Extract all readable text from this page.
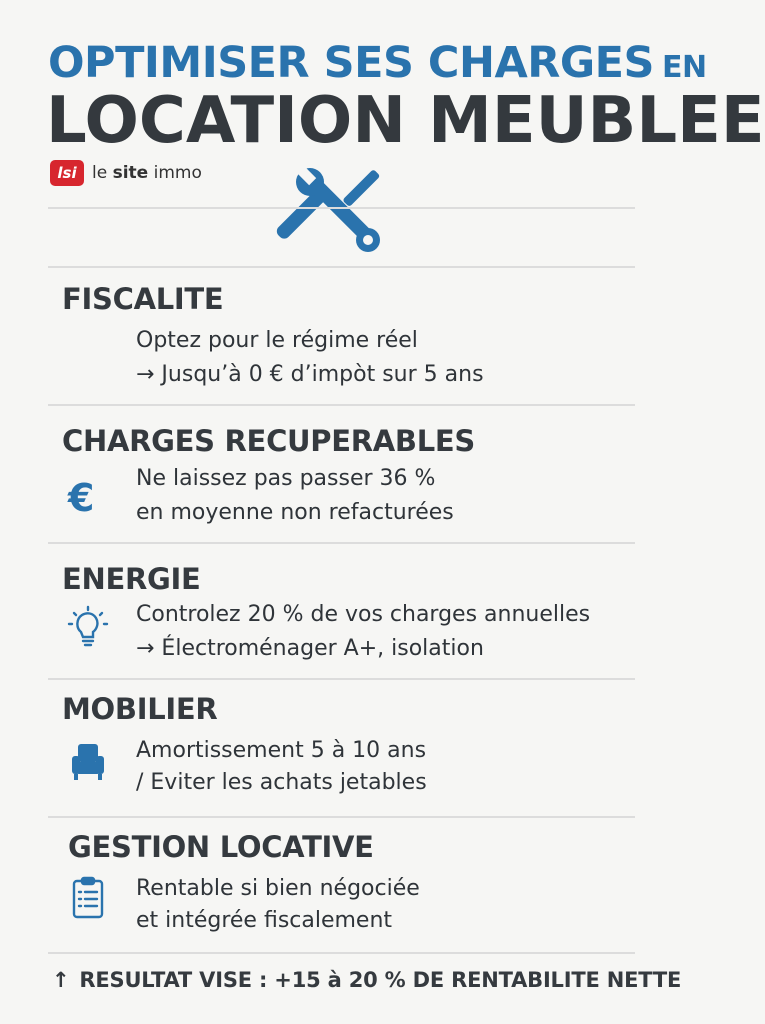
OPTIMISER SES CHARGES EN
LOCATION MEUBLEE
lsi le site immo
FISCALITE
Optez pour le régime réel
→ Jusqu’à 0 € d’impòt sur 5 ans
CHARGES RECUPERABLES
€	Ne laissez pas passer 36 %
en moyenne non refacturées
ENERGIE
Controlez 20 % de vos charges annuelles
→ Électroménager A+, isolation
MOBILIER
Amortissement 5 à 10 ans
/ Eviter les achats jetables
GESTION LOCATIVE
Rentable si bien négociée
et intégrée fiscalement
↑ RESULTAT VISE : +15 à 20 % DE RENTABILITE NETTE
